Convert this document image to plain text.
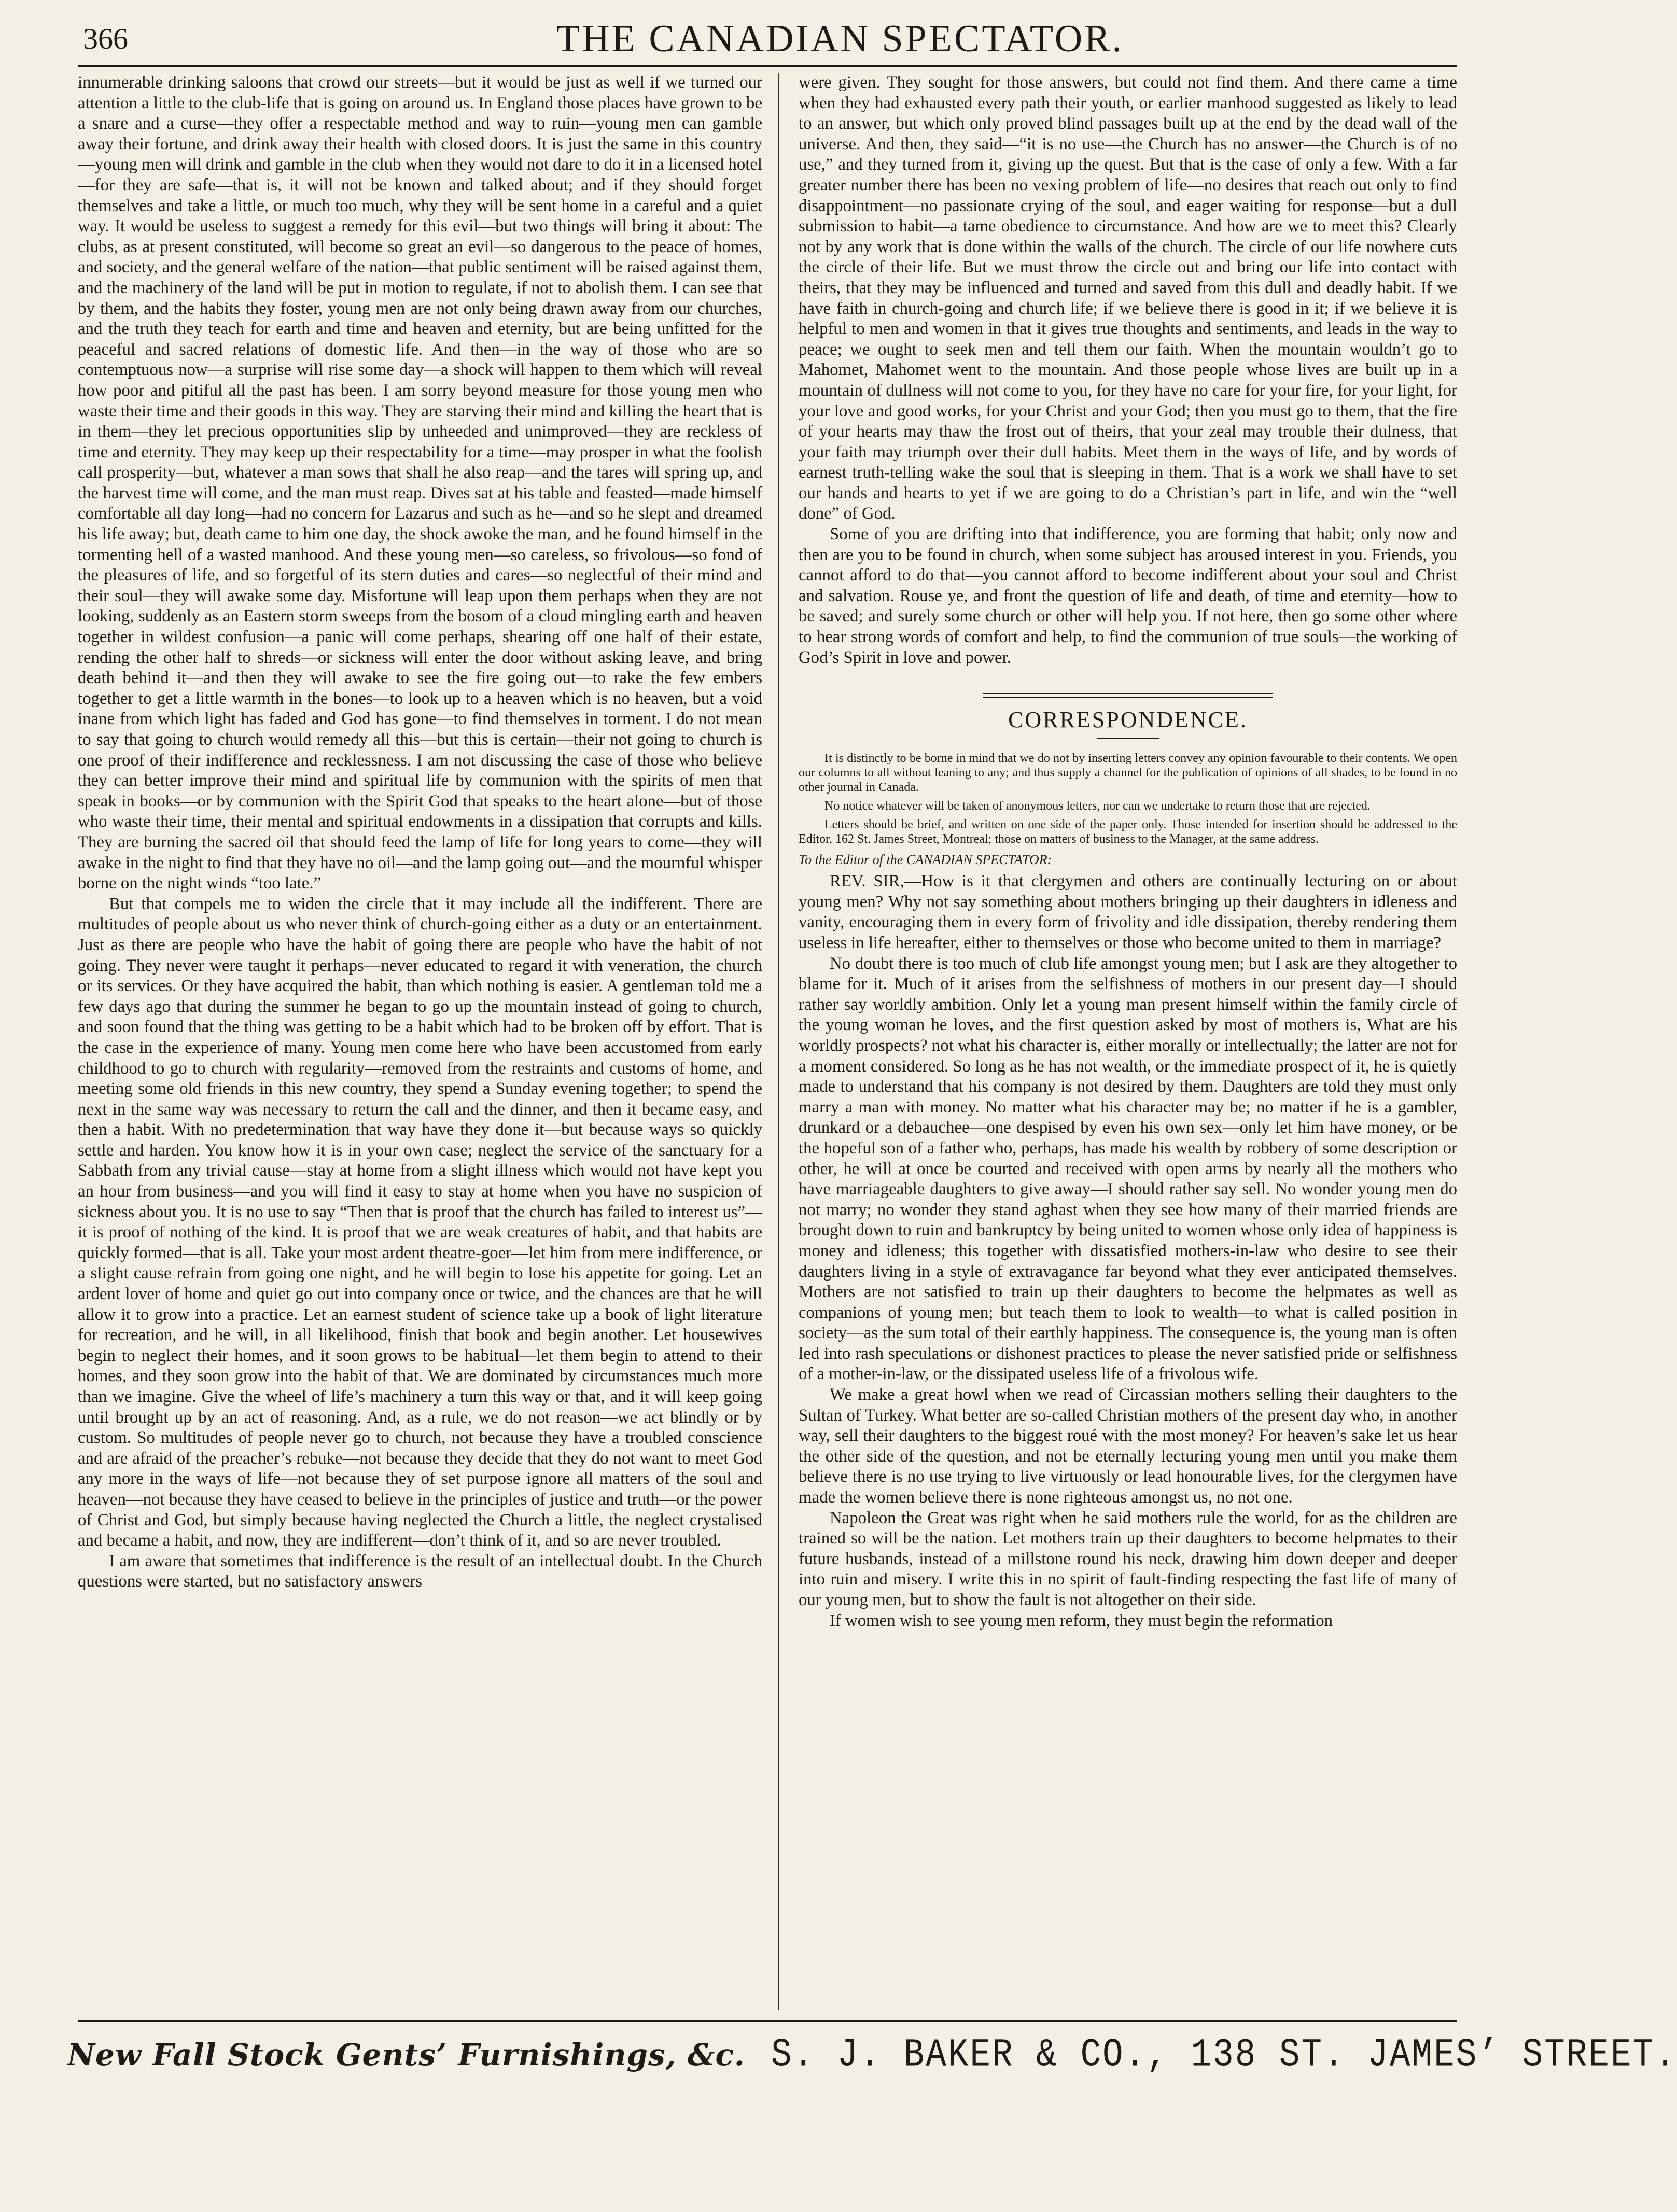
366	THE CANADIAN SPECTATOR.

innumerable drinking saloons that crowd our streets—but it would be just as well if we turned our attention a little to the club-life that is going on around us. In England those places have grown to be a snare and a curse—they offer a respectable method and way to ruin—young men can gamble away their fortune, and drink away their health with closed doors. It is just the same in this country—young men will drink and gamble in the club when they would not dare to do it in a licensed hotel—for they are safe—that is, it will not be known and talked about; and if they should forget themselves and take a little, or much too much, why they will be sent home in a careful and a quiet way. It would be useless to suggest a remedy for this evil—but two things will bring it about: The clubs, as at present constituted, will become so great an evil—so dangerous to the peace of homes, and society, and the general welfare of the nation—that public sentiment will be raised against them, and the machinery of the land will be put in motion to regulate, if not to abolish them. I can see that by them, and the habits they foster, young men are not only being drawn away from our churches, and the truth they teach for earth and time and heaven and eternity, but are being unfitted for the peaceful and sacred relations of domestic life. And then—in the way of those who are so contemptuous now—a surprise will rise some day—a shock will happen to them which will reveal how poor and pitiful all the past has been. I am sorry beyond measure for those young men who waste their time and their goods in this way. They are starving their mind and killing the heart that is in them—they let precious opportunities slip by unheeded and unimproved—they are reckless of time and eternity. They may keep up their respectability for a time—may prosper in what the foolish call prosperity—but, whatever a man sows that shall he also reap—and the tares will spring up, and the harvest time will come, and the man must reap. Dives sat at his table and feasted—made himself comfortable all day long—had no concern for Lazarus and such as he—and so he slept and dreamed his life away; but, death came to him one day, the shock awoke the man, and he found himself in the tormenting hell of a wasted manhood. And these young men—so careless, so frivolous—so fond of the pleasures of life, and so forgetful of its stern duties and cares—so neglectful of their mind and their soul—they will awake some day. Misfortune will leap upon them perhaps when they are not looking, suddenly as an Eastern storm sweeps from the bosom of a cloud mingling earth and heaven together in wildest confusion—a panic will come perhaps, shearing off one half of their estate, rending the other half to shreds—or sickness will enter the door without asking leave, and bring death behind it—and then they will awake to see the fire going out—to rake the few embers together to get a little warmth in the bones—to look up to a heaven which is no heaven, but a void inane from which light has faded and God has gone—to find themselves in torment. I do not mean to say that going to church would remedy all this—but this is certain—their not going to church is one proof of their indifference and recklessness. I am not discussing the case of those who believe they can better improve their mind and spiritual life by communion with the spirits of men that speak in books—or by communion with the Spirit God that speaks to the heart alone—but of those who waste their time, their mental and spiritual endowments in a dissipation that corrupts and kills. They are burning the sacred oil that should feed the lamp of life for long years to come—they will awake in the night to find that they have no oil—and the lamp going out—and the mournful whisper borne on the night winds “too late.”

But that compels me to widen the circle that it may include all the indifferent. There are multitudes of people about us who never think of church-going either as a duty or an entertainment. Just as there are people who have the habit of going there are people who have the habit of not going. They never were taught it perhaps—never educated to regard it with veneration, the church or its services. Or they have acquired the habit, than which nothing is easier. A gentleman told me a few days ago that during the summer he began to go up the mountain instead of going to church, and soon found that the thing was getting to be a habit which had to be broken off by effort. That is the case in the experience of many. Young men come here who have been accustomed from early childhood to go to church with regularity—removed from the restraints and customs of home, and meeting some old friends in this new country, they spend a Sunday evening together; to spend the next in the same way was necessary to return the call and the dinner, and then it became easy, and then a habit. With no predetermination that way have they done it—but because ways so quickly settle and harden. You know how it is in your own case; neglect the service of the sanctuary for a Sabbath from any trivial cause—stay at home from a slight illness which would not have kept you an hour from business—and you will find it easy to stay at home when you have no suspicion of sickness about you. It is no use to say “Then that is proof that the church has failed to interest us”—it is proof of nothing of the kind. It is proof that we are weak creatures of habit, and that habits are quickly formed—that is all. Take your most ardent theatre-goer—let him from mere indifference, or a slight cause refrain from going one night, and he will begin to lose his appetite for going. Let an ardent lover of home and quiet go out into company once or twice, and the chances are that he will allow it to grow into a practice. Let an earnest student of science take up a book of light literature for recreation, and he will, in all likelihood, finish that book and begin another. Let housewives begin to neglect their homes, and it soon grows to be habitual—let them begin to attend to their homes, and they soon grow into the habit of that. We are dominated by circumstances much more than we imagine. Give the wheel of life’s machinery a turn this way or that, and it will keep going until brought up by an act of reasoning. And, as a rule, we do not reason—we act blindly or by custom. So multitudes of people never go to church, not because they have a troubled conscience and are afraid of the preacher’s rebuke—not because they decide that they do not want to meet God any more in the ways of life—not because they of set purpose ignore all matters of the soul and heaven—not because they have ceased to believe in the principles of justice and truth—or the power of Christ and God, but simply because having neglected the Church a little, the neglect crystalised and became a habit, and now, they are indifferent—don’t think of it, and so are never troubled.

I am aware that sometimes that indifference is the result of an intellectual doubt. In the Church questions were started, but no satisfactory answers

were given. They sought for those answers, but could not find them. And there came a time when they had exhausted every path their youth, or earlier manhood suggested as likely to lead to an answer, but which only proved blind passages built up at the end by the dead wall of the universe. And then, they said—“it is no use—the Church has no answer—the Church is of no use,” and they turned from it, giving up the quest. But that is the case of only a few. With a far greater number there has been no vexing problem of life—no desires that reach out only to find disappointment—no passionate crying of the soul, and eager waiting for response—but a dull submission to habit—a tame obedience to circumstance. And how are we to meet this? Clearly not by any work that is done within the walls of the church. The circle of our life nowhere cuts the circle of their life. But we must throw the circle out and bring our life into contact with theirs, that they may be influenced and turned and saved from this dull and deadly habit. If we have faith in church-going and church life; if we believe there is good in it; if we believe it is helpful to men and women in that it gives true thoughts and sentiments, and leads in the way to peace; we ought to seek men and tell them our faith. When the mountain wouldn’t go to Mahomet, Mahomet went to the mountain. And those people whose lives are built up in a mountain of dullness will not come to you, for they have no care for your fire, for your light, for your love and good works, for your Christ and your God; then you must go to them, that the fire of your hearts may thaw the frost out of theirs, that your zeal may trouble their dulness, that your faith may triumph over their dull habits. Meet them in the ways of life, and by words of earnest truth-telling wake the soul that is sleeping in them. That is a work we shall have to set our hands and hearts to yet if we are going to do a Christian’s part in life, and win the “well done” of God.

Some of you are drifting into that indifference, you are forming that habit; only now and then are you to be found in church, when some subject has aroused interest in you. Friends, you cannot afford to do that—you cannot afford to become indifferent about your soul and Christ and salvation. Rouse ye, and front the question of life and death, of time and eternity—how to be saved; and surely some church or other will help you. If not here, then go some other where to hear strong words of comfort and help, to find the communion of true souls—the working of God’s Spirit in love and power.

CORRESPONDENCE.

It is distinctly to be borne in mind that we do not by inserting letters convey any opinion favourable to their contents. We open our columns to all without leaning to any; and thus supply a channel for the publication of opinions of all shades, to be found in no other journal in Canada.

No notice whatever will be taken of anonymous letters, nor can we undertake to return those that are rejected.

Letters should be brief, and written on one side of the paper only. Those intended for insertion should be addressed to the Editor, 162 St. James Street, Montreal; those on matters of business to the Manager, at the same address.

To the Editor of the CANADIAN SPECTATOR:

REV. SIR,—How is it that clergymen and others are continually lecturing on or about young men? Why not say something about mothers bringing up their daughters in idleness and vanity, encouraging them in every form of frivolity and idle dissipation, thereby rendering them useless in life hereafter, either to themselves or those who become united to them in marriage?

No doubt there is too much of club life amongst young men; but I ask are they altogether to blame for it. Much of it arises from the selfishness of mothers in our present day—I should rather say worldly ambition. Only let a young man present himself within the family circle of the young woman he loves, and the first question asked by most of mothers is, What are his worldly prospects? not what his character is, either morally or intellectually; the latter are not for a moment considered. So long as he has not wealth, or the immediate prospect of it, he is quietly made to understand that his company is not desired by them. Daughters are told they must only marry a man with money. No matter what his character may be; no matter if he is a gambler, drunkard or a debauchee—one despised by even his own sex—only let him have money, or be the hopeful son of a father who, perhaps, has made his wealth by robbery of some description or other, he will at once be courted and received with open arms by nearly all the mothers who have marriageable daughters to give away—I should rather say sell. No wonder young men do not marry; no wonder they stand aghast when they see how many of their married friends are brought down to ruin and bankruptcy by being united to women whose only idea of happiness is money and idleness; this together with dissatisfied mothers-in-law who desire to see their daughters living in a style of extravagance far beyond what they ever anticipated themselves. Mothers are not satisfied to train up their daughters to become the helpmates as well as companions of young men; but teach them to look to wealth—to what is called position in society—as the sum total of their earthly happiness. The consequence is, the young man is often led into rash speculations or dishonest practices to please the never satisfied pride or selfishness of a mother-in-law, or the dissipated useless life of a frivolous wife.

We make a great howl when we read of Circassian mothers selling their daughters to the Sultan of Turkey. What better are so-called Christian mothers of the present day who, in another way, sell their daughters to the biggest roué with the most money? For heaven’s sake let us hear the other side of the question, and not be eternally lecturing young men until you make them believe there is no use trying to live virtuously or lead honourable lives, for the clergymen have made the women believe there is none righteous amongst us, no not one.

Napoleon the Great was right when he said mothers rule the world, for as the children are trained so will be the nation. Let mothers train up their daughters to become helpmates to their future husbands, instead of a millstone round his neck, drawing him down deeper and deeper into ruin and misery. I write this in no spirit of fault-finding respecting the fast life of many of our young men, but to show the fault is not altogether on their side.

If women wish to see young men reform, they must begin the reformation

New Fall Stock Gents’ Furnishings, &c. S. J. BAKER & CO., 138 ST. JAMES’ STREET.
